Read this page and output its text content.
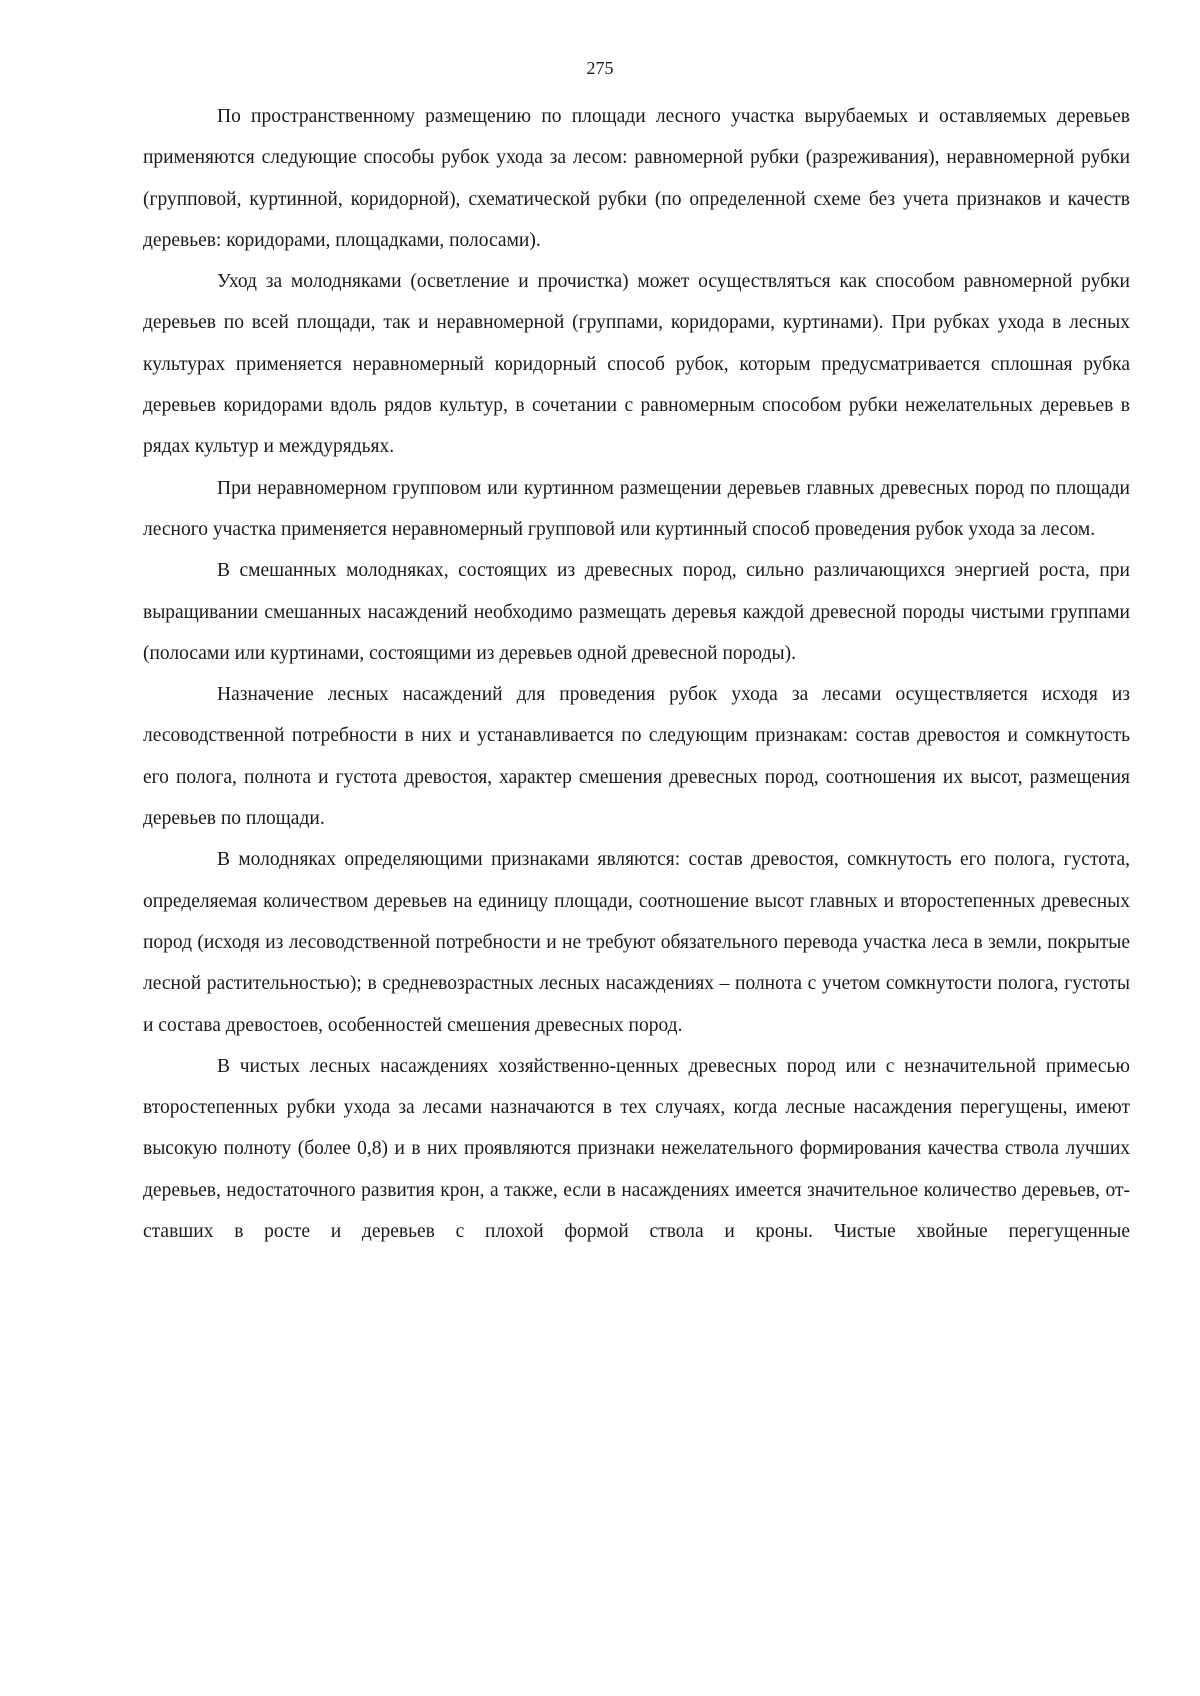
275

По пространственному размещению по площади лесного участка вырубаемых и оставляемых деревьев применяются следующие способы рубок ухода за лесом: равномерной рубки (разреживания), неравномерной рубки (групповой, куртинной, коридорной), схематической рубки (по определенной схеме без учета признаков и качеств деревьев: коридорами, площадками, полосами).

Уход за молодняками (осветление и прочистка) может осуществляться как способом равномерной рубки деревьев по всей площади, так и неравномерной (группами, коридорами, куртинами). При рубках ухода в лесных культурах применяется неравномерный коридорный способ рубок, которым предусматривается сплошная рубка деревьев коридорами вдоль рядов культур, в сочетании с равномерным способом рубки нежелательных деревьев в рядах культур и междурядьях.

При неравномерном групповом или куртинном размещении деревьев главных древесных пород по площади лесного участка применяется неравномерный групповой или куртинный способ проведения рубок ухода за лесом.

В смешанных молодняках, состоящих из древесных пород, сильно различающихся энергией роста, при выращивании смешанных насаждений необходимо размещать деревья каждой древесной породы чистыми группами (полосами или куртинами, состоящими из деревьев одной древесной породы).

Назначение лесных насаждений для проведения рубок ухода за лесами осуществляется исходя из лесоводственной потребности в них и устанавливается по следующим признакам: состав древостоя и сомкнутость его полога, полнота и густота древостоя, характер смешения древесных пород, соотношения их высот, размещения деревьев по площади.

В молодняках определяющими признаками являются: состав древостоя, сомкнутость его полога, густота, определяемая количеством деревьев на единицу площади, соотношение высот главных и второстепенных древесных пород (исходя из лесоводственной потребности и не требуют обязательного перевода участка леса в земли, покрытые лесной растительностью); в средневозрастных лесных насаждениях – полнота с учетом сомкнутости полога, густоты и состава древостоев, особенностей смешения древесных пород.

В чистых лесных насаждениях хозяйственно-ценных древесных пород или с незначительной примесью второстепенных рубки ухода за лесами назначаются в тех случаях, когда лесные насаждения перегущены, имеют высокую полноту (более 0,8) и в них проявляются признаки нежелательного формирования качества ствола лучших деревьев, недостаточного развития крон, а также, если в насаждениях имеется значительное количество деревьев, отставших в росте и деревьев с плохой формой ствола и кроны. Чистые хвойные перегущенные
